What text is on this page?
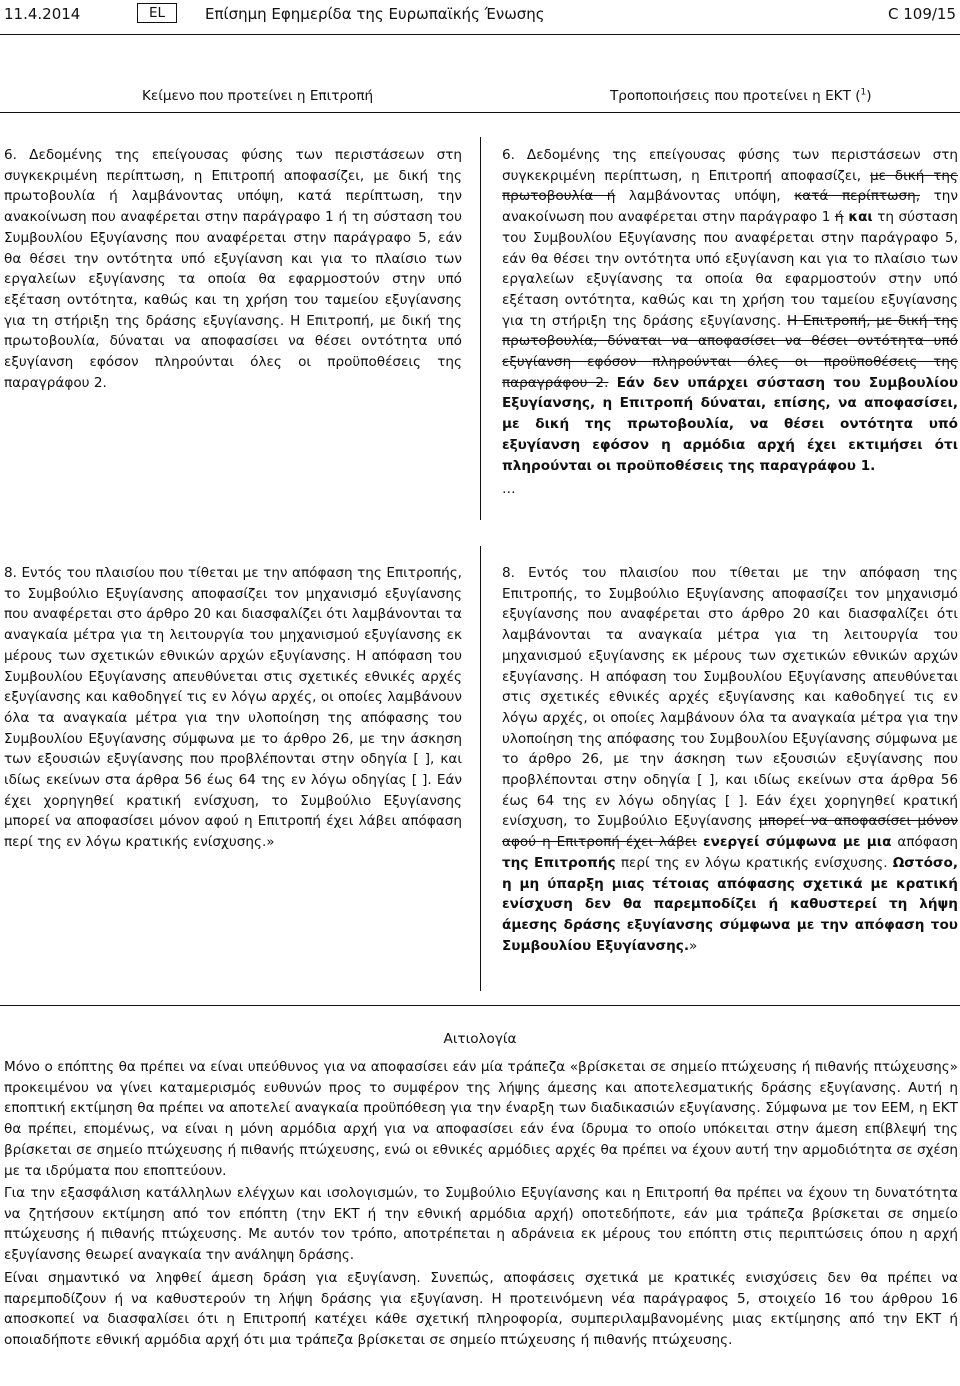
11.4.2014	EL	Επίσημη Εφημερίδα της Ευρωπαϊκής Ένωσης	C 109/15
Κείμενο που προτείνει η Επιτροπή	Τροποποιήσεις που προτείνει η ΕΚΤ ($^1$)
6. Δεδομένης της επείγουσας φύσης των περιστάσεων στη συγκεκριμένη περίπτωση, η Επιτροπή αποφασίζει, με δική της πρωτοβουλία ή λαμβάνοντας υπόψη, κατά περίπτωση, την ανακοίνωση που αναφέρεται στην παράγραφο 1 ή τη σύσταση του Συμβουλίου Εξυγίανσης που αναφέρεται στην παράγραφο 5, εάν θα θέσει την οντότητα υπό εξυγίανση και για το πλαίσιο των εργαλείων εξυγίανσης τα οποία θα εφαρμοστούν στην υπό εξέταση οντότητα, καθώς και τη χρήση του ταμείου εξυγίανσης για τη στήριξη της δράσης εξυγίανσης. Η Επιτροπή, με δική της πρωτοβουλία, δύναται να αποφασίσει να θέσει οντότητα υπό εξυγίανση εφόσον πληρούνται όλες οι προϋποθέσεις της παραγράφου 2.
6. Δεδομένης της επείγουσας φύσης των περιστάσεων στη συγκεκριμένη περίπτωση, η Επιτροπή αποφασίζει, με δική της πρωτοβουλία ή λαμβάνοντας υπόψη, κατά περίπτωση, την ανακοίνωση που αναφέρεται στην παράγραφο 1 ή και τη σύσταση του Συμβουλίου Εξυγίανσης που αναφέρεται στην παράγραφο 5, εάν θα θέσει την οντότητα υπό εξυγίανση και για το πλαίσιο των εργαλείων εξυγίανσης τα οποία θα εφαρμοστούν στην υπό εξέταση οντότητα, καθώς και τη χρήση του ταμείου εξυγίανσης για τη στήριξη της δράσης εξυγίανσης. Η Επιτροπή, με δική της πρωτοβουλία, δύναται να αποφασίσει να θέσει οντότητα υπό εξυγίανση εφόσον πληρούνται όλες οι προϋποθέσεις της παραγράφου 2. Εάν δεν υπάρχει σύσταση του Συμβουλίου Εξυγίανσης, η Επιτροπή δύναται, επίσης, να αποφασίσει, με δική της πρωτοβουλία, να θέσει οντότητα υπό εξυγίανση εφόσον η αρμόδια αρχή έχει εκτιμήσει ότι πληρούνται οι προϋποθέσεις της παραγράφου 1.
…
8. Εντός του πλαισίου που τίθεται με την απόφαση της Επιτροπής, το Συμβούλιο Εξυγίανσης αποφασίζει τον μηχανισμό εξυγίανσης που αναφέρεται στο άρθρο 20 και διασφαλίζει ότι λαμβάνονται τα αναγκαία μέτρα για τη λειτουργία του μηχανισμού εξυγίανσης εκ μέρους των σχετικών εθνικών αρχών εξυγίανσης. Η απόφαση του Συμβουλίου Εξυγίανσης απευθύνεται στις σχετικές εθνικές αρχές εξυγίανσης και καθοδηγεί τις εν λόγω αρχές, οι οποίες λαμβάνουν όλα τα αναγκαία μέτρα για την υλοποίηση της απόφασης του Συμβουλίου Εξυγίανσης σύμφωνα με το άρθρο 26, με την άσκηση των εξουσιών εξυγίανσης που προβλέπονται στην οδηγία [ ], και ιδίως εκείνων στα άρθρα 56 έως 64 της εν λόγω οδηγίας [ ]. Εάν έχει χορηγηθεί κρατική ενίσχυση, το Συμβούλιο Εξυγίανσης μπορεί να αποφασίσει μόνον αφού η Επιτροπή έχει λάβει απόφαση περί της εν λόγω κρατικής ενίσχυσης.»
8. Εντός του πλαισίου που τίθεται με την απόφαση της Επιτροπής, το Συμβούλιο Εξυγίανσης αποφασίζει τον μηχανισμό εξυγίανσης που αναφέρεται στο άρθρο 20 και διασφαλίζει ότι λαμβάνονται τα αναγκαία μέτρα για τη λειτουργία του μηχανισμού εξυγίανσης εκ μέρους των σχετικών εθνικών αρχών εξυγίανσης. Η απόφαση του Συμβουλίου Εξυγίανσης απευθύνεται στις σχετικές εθνικές αρχές εξυγίανσης και καθοδηγεί τις εν λόγω αρχές, οι οποίες λαμβάνουν όλα τα αναγκαία μέτρα για την υλοποίηση της απόφασης του Συμβουλίου Εξυγίανσης σύμφωνα με το άρθρο 26, με την άσκηση των εξουσιών εξυγίανσης που προβλέπονται στην οδηγία [ ], και ιδίως εκείνων στα άρθρα 56 έως 64 της εν λόγω οδηγίας [ ]. Εάν έχει χορηγηθεί κρατική ενίσχυση, το Συμβούλιο Εξυγίανσης μπορεί να αποφασίσει μόνον αφού η Επιτροπή έχει λάβει ενεργεί σύμφωνα με μια απόφαση της Επιτροπής περί της εν λόγω κρατικής ενίσχυσης. Ωστόσο, η μη ύπαρξη μιας τέτοιας απόφασης σχετικά με κρατική ενίσχυση δεν θα παρεμποδίζει ή καθυστερεί τη λήψη άμεσης δράσης εξυγίανσης σύμφωνα με την απόφαση του Συμβουλίου Εξυγίανσης.»
Αιτιολογία
Μόνο ο επόπτης θα πρέπει να είναι υπεύθυνος για να αποφασίσει εάν μία τράπεζα «βρίσκεται σε σημείο πτώχευσης ή πιθανής πτώχευσης» προκειμένου να γίνει καταμερισμός ευθυνών προς το συμφέρον της λήψης άμεσης και αποτελεσματικής δράσης εξυγίανσης. Αυτή η εποπτική εκτίμηση θα πρέπει να αποτελεί αναγκαία προϋπόθεση για την έναρξη των διαδικασιών εξυγίανσης. Σύμφωνα με τον ΕΕΜ, η ΕΚΤ θα πρέπει, επομένως, να είναι η μόνη αρμόδια αρχή για να αποφασίσει εάν ένα ίδρυμα το οποίο υπόκειται στην άμεση επίβλεψή της βρίσκεται σε σημείο πτώχευσης ή πιθανής πτώχευσης, ενώ οι εθνικές αρμόδιες αρχές θα πρέπει να έχουν αυτή την αρμοδιότητα σε σχέση με τα ιδρύματα που εποπτεύουν.
Για την εξασφάλιση κατάλληλων ελέγχων και ισολογισμών, το Συμβούλιο Εξυγίανσης και η Επιτροπή θα πρέπει να έχουν τη δυνατότητα να ζητήσουν εκτίμηση από τον επόπτη (την ΕΚΤ ή την εθνική αρμόδια αρχή) οποτεδήποτε, εάν μια τράπεζα βρίσκεται σε σημείο πτώχευσης ή πιθανής πτώχευσης. Με αυτόν τον τρόπο, αποτρέπεται η αδράνεια εκ μέρους του επόπτη στις περιπτώσεις όπου η αρχή εξυγίανσης θεωρεί αναγκαία την ανάληψη δράσης.
Είναι σημαντικό να ληφθεί άμεση δράση για εξυγίανση. Συνεπώς, αποφάσεις σχετικά με κρατικές ενισχύσεις δεν θα πρέπει να παρεμποδίζουν ή να καθυστερούν τη λήψη δράσης για εξυγίανση. Η προτεινόμενη νέα παράγραφος 5, στοιχείο 16 του άρθρου 16 αποσκοπεί να διασφαλίσει ότι η Επιτροπή κατέχει κάθε σχετική πληροφορία, συμπεριλαμβανομένης μιας εκτίμησης από την ΕΚΤ ή οποιαδήποτε εθνική αρμόδια αρχή ότι μια τράπεζα βρίσκεται σε σημείο πτώχευσης ή πιθανής πτώχευσης.
